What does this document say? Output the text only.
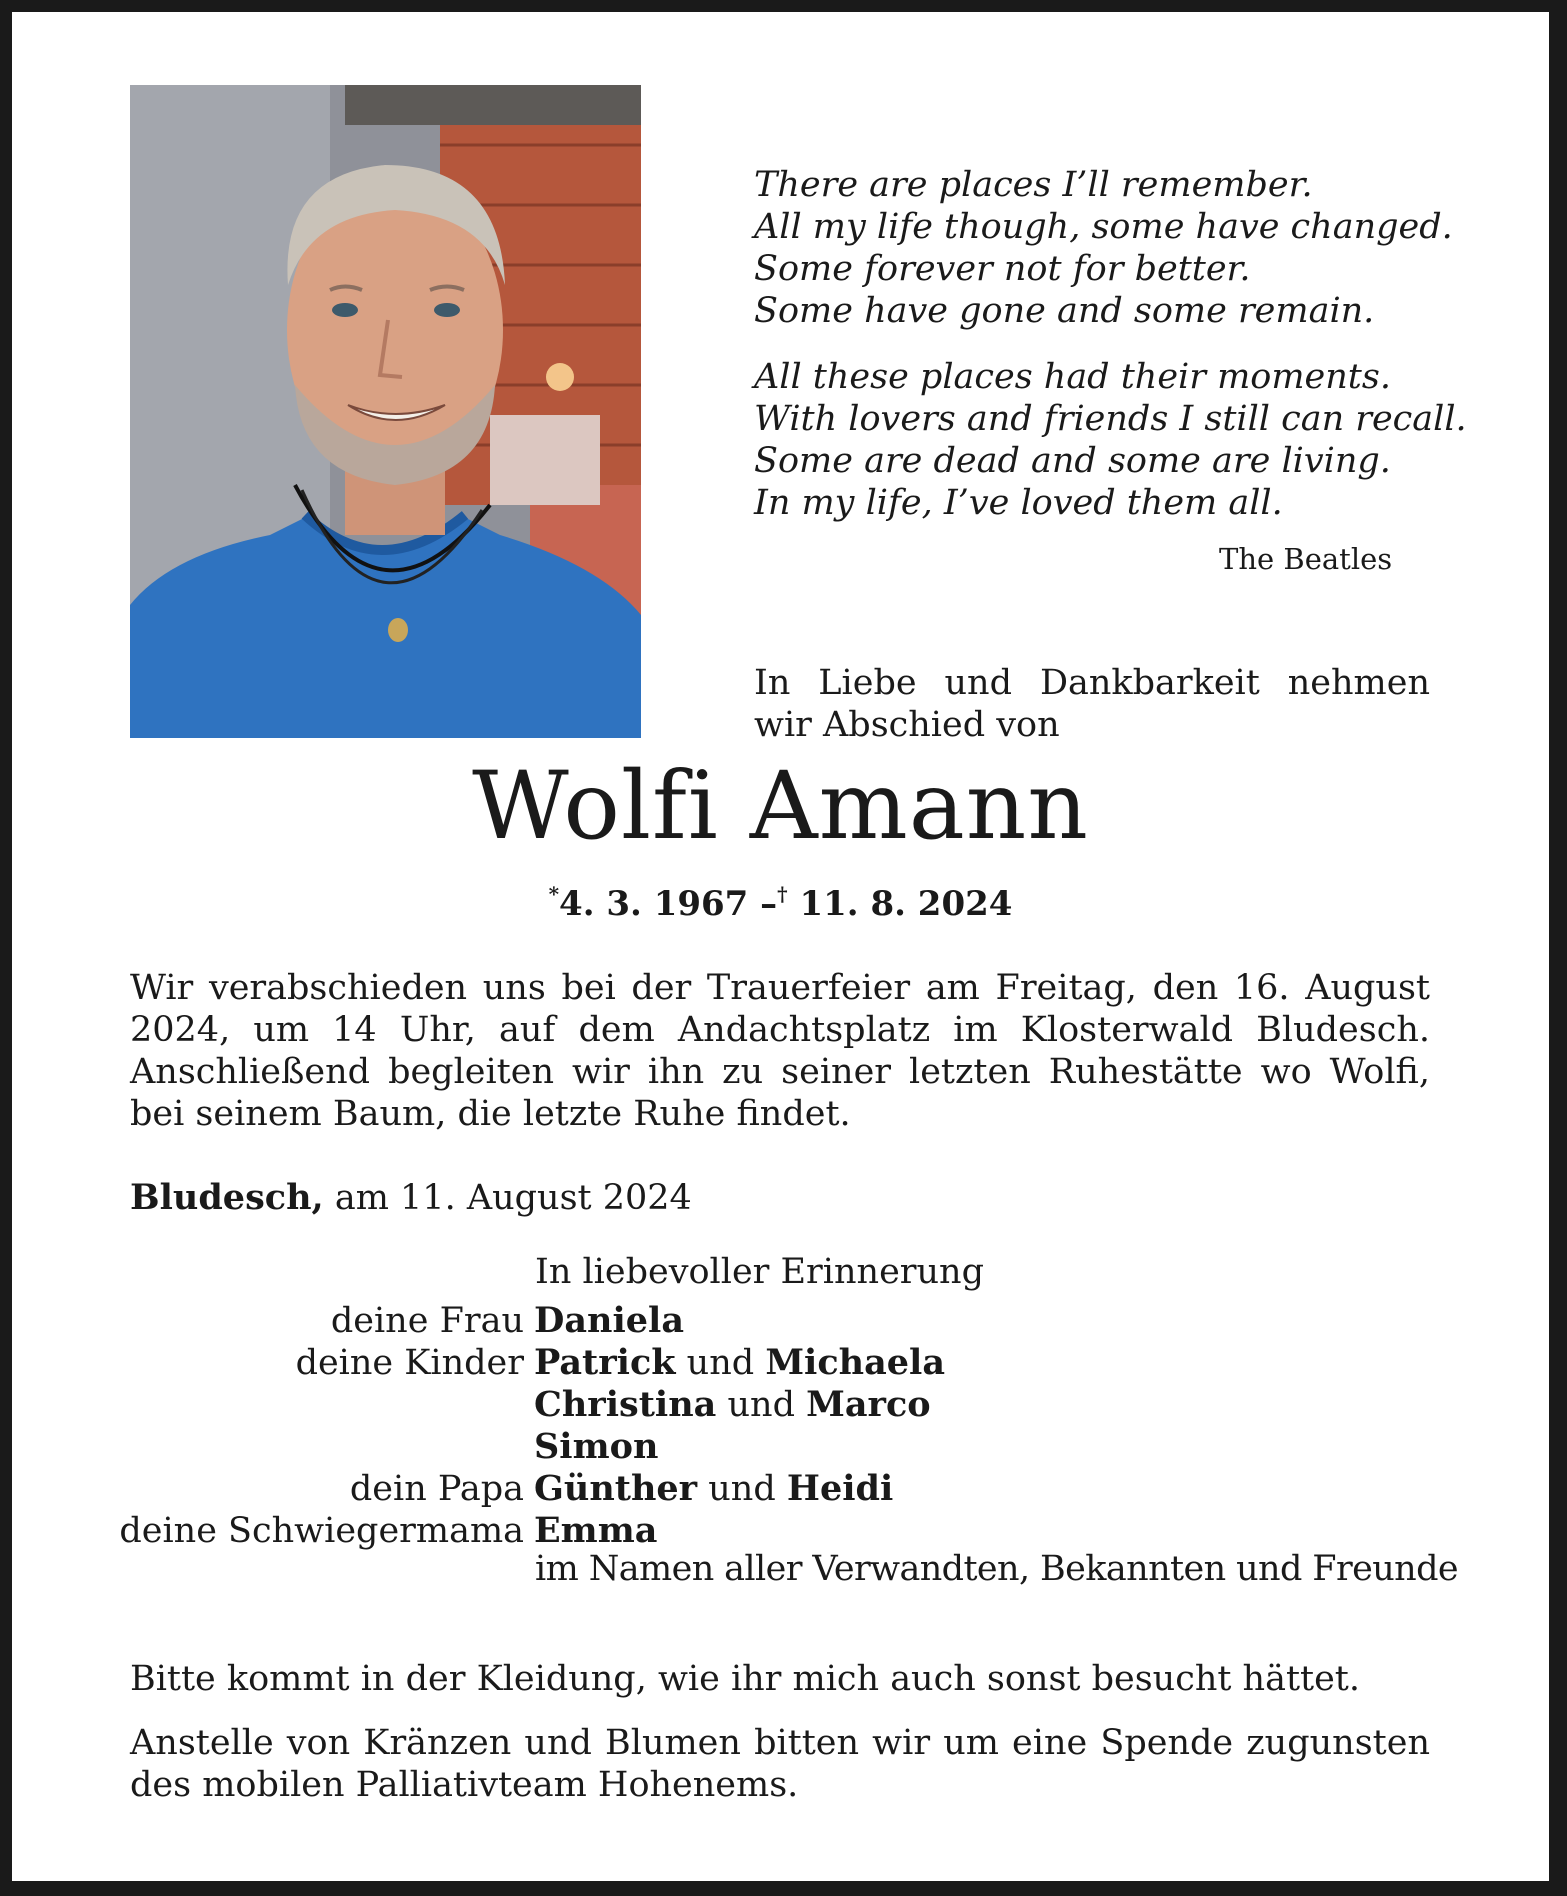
There are places I’ll remember.
All my life though, some have changed.
Some forever not for better.
Some have gone and some remain.
All these places had their moments.
With lovers and friends I still can recall.
Some are dead and some are living.
In my life, I’ve loved them all.
The Beatles
In Liebe und Dankbarkeit nehmen wir Abschied von
Wolfi Amann
*4. 3. 1967 –† 11. 8. 2024
Wir verabschieden uns bei der Trauerfeier am Freitag, den 16. August 2024, um 14 Uhr, auf dem Andachtsplatz im Klosterwald Bludesch. Anschließend begleiten wir ihn zu seiner letzten Ruhestätte wo Wolfi, bei seinem Baum, die letzte Ruhe findet.
Bludesch, am 11. August 2024
In liebevoller Erinnerung
deine Frau Daniela
deine Kinder Patrick und Michaela
Christina und Marco
Simon
dein Papa Günther und Heidi
deine Schwiegermama Emma
im Namen aller Verwandten, Bekannten und Freunde
Bitte kommt in der Kleidung, wie ihr mich auch sonst besucht hättet.
Anstelle von Kränzen und Blumen bitten wir um eine Spende zugunsten des mobilen Palliativteam Hohenems.
